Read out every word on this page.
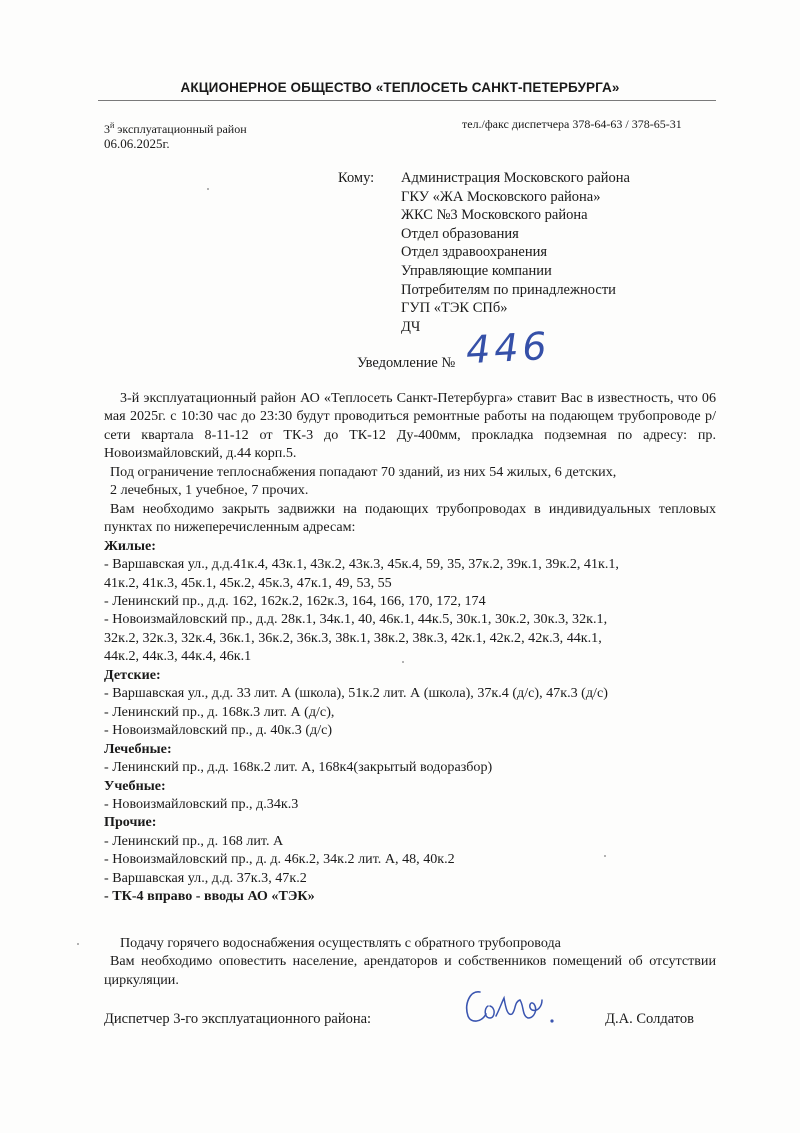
АКЦИОНЕРНОЕ ОБЩЕСТВО «ТЕПЛОСЕТЬ САНКТ-ПЕТЕРБУРГА»
$3^й$ эксплуатационный район
06.06.2025г.
тел./факс диспетчера 378-64-63 / 378-65-31
Кому: Администрация Московского района
ГКУ «ЖА Московского района»
ЖКС №3 Московского района
Отдел образования
Отдел здравоохранения
Управляющие компании
Потребителям по принадлежности
ГУП «ТЭК СПб»
ДЧ
Уведомление № 446

3-й эксплуатационный район АО «Теплосеть Санкт-Петербурга» ставит Вас в известность, что 06 мая 2025г. с 10:30 час до 23:30 будут проводиться ремонтные работы на подающем трубопроводе р/сети квартала 8-11-12 от ТК-3 до ТК-12 Ду-400мм, прокладка подземная по адресу: пр. Новоизмайловский, д.44 корп.5.

Под ограничение теплоснабжения попадают 70 зданий, из них 54 жилых, 6 детских,

2 лечебных, 1 учебное, 7 прочих.

Вам необходимо закрыть задвижки на подающих трубопроводах в индивидуальных тепловых пунктах по нижеперечисленным адресам:

Жилые:

- Варшавская ул., д.д.41к.4, 43к.1, 43к.2, 43к.3, 45к.4, 59, 35, 37к.2, 39к.1, 39к.2, 41к.1,

41к.2, 41к.3, 45к.1, 45к.2, 45к.3, 47к.1, 49, 53, 55

- Ленинский пр., д.д. 162, 162к.2, 162к.3, 164, 166, 170, 172, 174

- Новоизмайловский пр., д.д. 28к.1, 34к.1, 40, 46к.1, 44к.5, 30к.1, 30к.2, 30к.3, 32к.1,

32к.2, 32к.3, 32к.4, 36к.1, 36к.2, 36к.3, 38к.1, 38к.2, 38к.3, 42к.1, 42к.2, 42к.3, 44к.1,

44к.2, 44к.3, 44к.4, 46к.1

Детские:

- Варшавская ул., д.д. 33 лит. А (школа), 51к.2 лит. А (школа), 37к.4 (д/с), 47к.3 (д/с)

- Ленинский пр., д. 168к.3 лит. А (д/с),

- Новоизмайловский пр., д. 40к.3 (д/с)

Лечебные:

- Ленинский пр., д.д. 168к.2 лит. А, 168к4(закрытый водоразбор)

Учебные:

- Новоизмайловский пр., д.34к.3

Прочие:

- Ленинский пр., д. 168 лит. А

- Новоизмайловский пр., д. д. 46к.2, 34к.2 лит. А, 48, 40к.2

- Варшавская ул., д.д. 37к.3, 47к.2

- ТК-4 вправо - вводы АО «ТЭК»

Подачу горячего водоснабжения осуществлять с обратного трубопровода

Вам необходимо оповестить население, арендаторов и собственников помещений об отсутствии циркуляции.

Диспетчер 3-го эксплуатационного района:	Д.А. Солдатов
